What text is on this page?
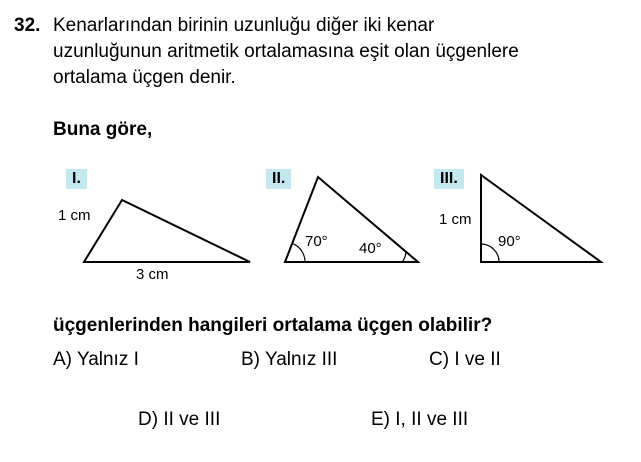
32. Kenarlarından birinin uzunluğu diğer iki kenar
uzunluğunun aritmetik ortalamasına eşit olan üçgenlere
ortalama üçgen denir.
Buna göre,
I.
1 cm
3 cm
II.
70° 40°
III.
1 cm
90°
üçgenlerinden hangileri ortalama üçgen olabilir?
A) Yalnız I	B) Yalnız III	C) I ve II
D) II ve III	E) I, II ve III
